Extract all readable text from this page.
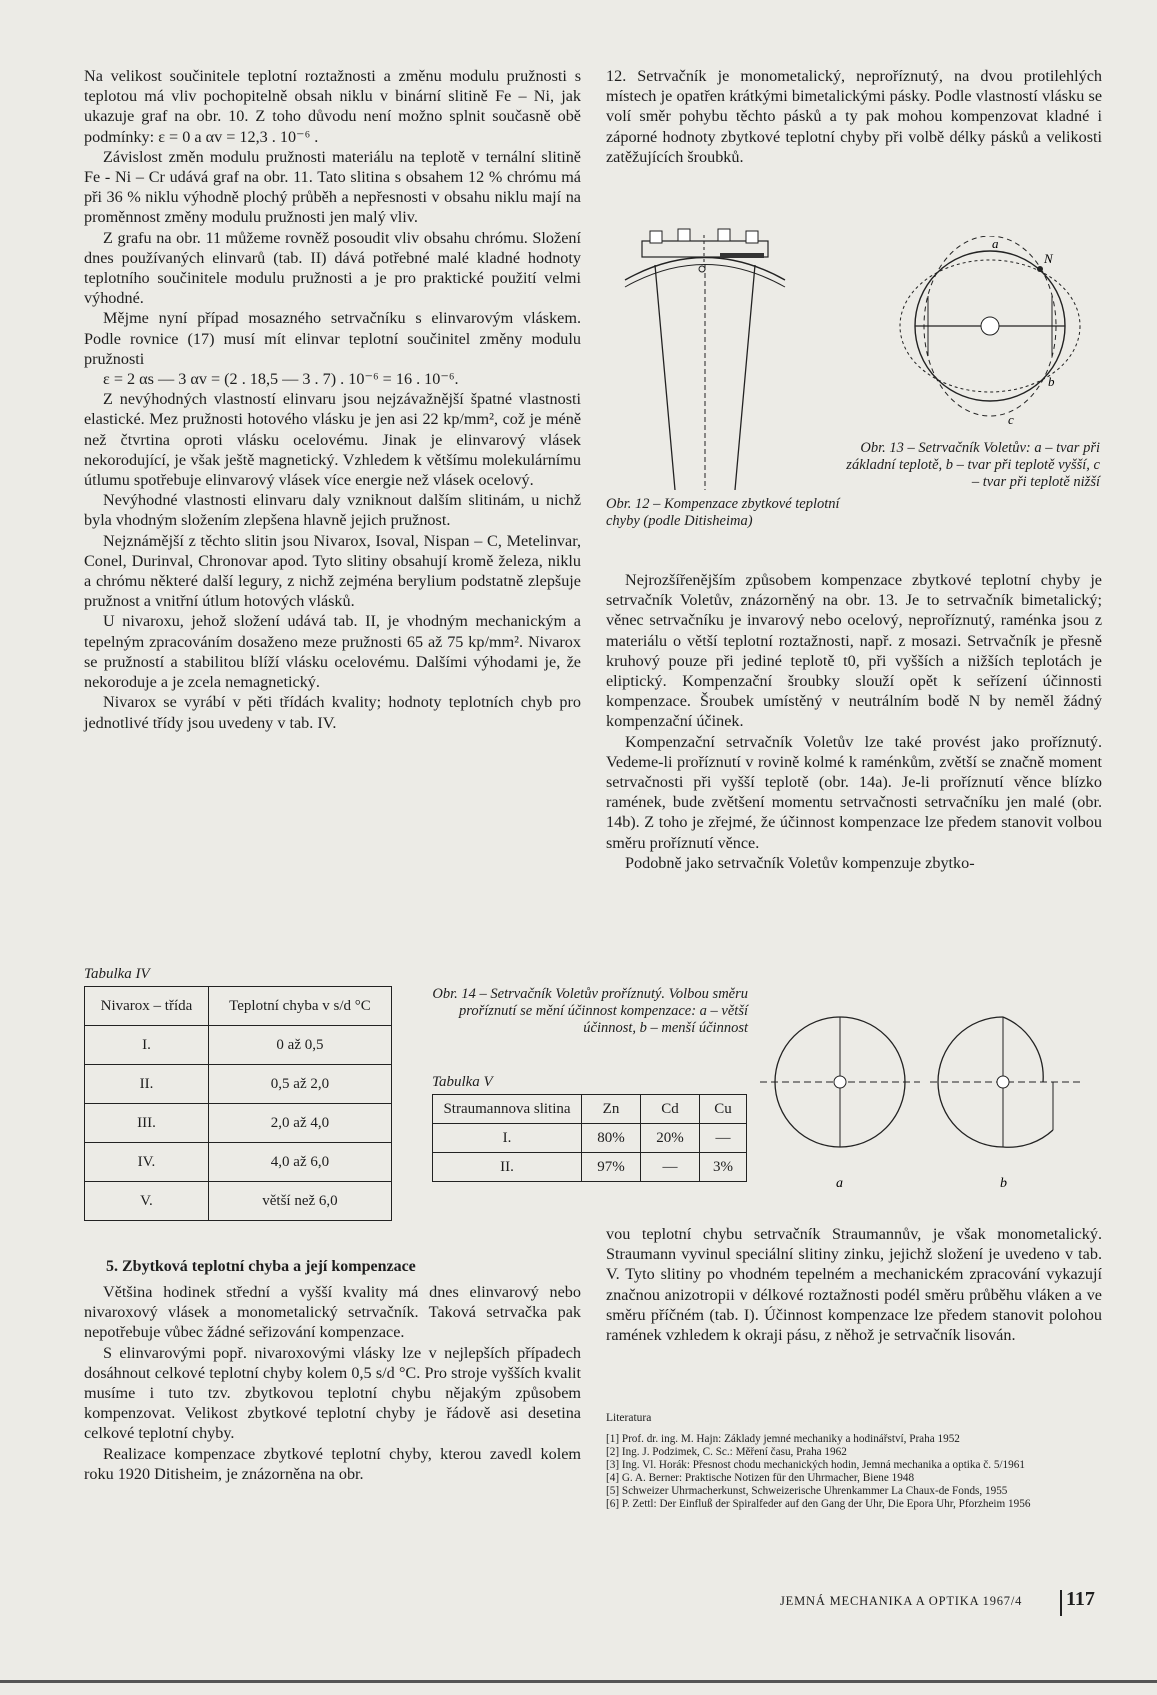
Na velikost součinitele teplotní roztažnosti a změnu modulu pružnosti s teplotou má vliv pochopitelně obsah niklu v binární slitině Fe – Ni, jak ukazuje graf na obr. 10. Z toho důvodu není možno splnit současně obě podmínky: ε = 0 a αv = 12,3 . 10⁻⁶ .

Závislost změn modulu pružnosti materiálu na teplotě v ternální slitině Fe - Ni – Cr udává graf na obr. 11. Tato slitina s obsahem 12 % chrómu má při 36 % niklu výhodně plochý průběh a nepřesnosti v obsahu niklu mají na proměnnost změny modulu pružnosti jen malý vliv.

Z grafu na obr. 11 můžeme rovněž posoudit vliv obsahu chrómu. Složení dnes používaných elinvarů (tab. II) dává potřebné malé kladné hodnoty teplotního součinitele modulu pružnosti a je pro praktické použití velmi výhodné.

Mějme nyní případ mosazného setrvačníku s elinvarovým vláskem. Podle rovnice (17) musí mít elinvar teplotní součinitel změny modulu pružnosti

ε = 2 αs — 3 αv = (2 . 18,5 — 3 . 7) . 10⁻⁶ = 16 . 10⁻⁶.

Z nevýhodných vlastností elinvaru jsou nejzávažnější špatné vlastnosti elastické. Mez pružnosti hotového vlásku je jen asi 22 kp/mm², což je méně než čtvrtina oproti vlásku ocelovému. Jinak je elinvarový vlásek nekorodující, je však ještě magnetický. Vzhledem k většímu molekulárnímu útlumu spotřebuje elinvarový vlásek více energie než vlásek ocelový.

Nevýhodné vlastnosti elinvaru daly vzniknout dalším slitinám, u nichž byla vhodným složením zlepšena hlavně jejich pružnost.

Nejznámější z těchto slitin jsou Nivarox, Isoval, Nispan – C, Metelinvar, Conel, Durinval, Chronovar apod. Tyto slitiny obsahují kromě železa, niklu a chrómu některé další legury, z nichž zejména berylium podstatně zlepšuje pružnost a vnitřní útlum hotových vlásků.

U nivaroxu, jehož složení udává tab. II, je vhodným mechanickým a tepelným zpracováním dosaženo meze pružnosti 65 až 75 kp/mm². Nivarox se pružností a stabilitou blíží vlásku ocelovému. Dalšími výhodami je, že nekoroduje a je zcela nemagnetický.

Nivarox se vyrábí v pěti třídách kvality; hodnoty teplotních chyb pro jednotlivé třídy jsou uvedeny v tab. IV.

Tabulka IV
Nivarox – třída	Teplotní chyba v s/d °C
I.	0 až 0,5
II.	0,5 až 2,0
III.	2,0 až 4,0
IV.	4,0 až 6,0
V.	větší než 6,0
5. Zbytková teplotní chyba a její kompenzace

Většina hodinek střední a vyšší kvality má dnes elinvarový nebo nivaroxový vlásek a monometalický setrvačník. Taková setrvačka pak nepotřebuje vůbec žádné seřizování kompenzace.

S elinvarovými popř. nivaroxovými vlásky lze v nejlepších případech dosáhnout celkové teplotní chyby kolem 0,5 s/d °C. Pro stroje vyšších kvalit musíme i tuto tzv. zbytkovou teplotní chybu nějakým způsobem kompenzovat. Velikost zbytkové teplotní chyby je řádově asi desetina celkové teplotní chyby.

Realizace kompenzace zbytkové teplotní chyby, kterou zavedl kolem roku 1920 Ditisheim, je znázorněna na obr.

12. Setrvačník je monometalický, neproříznutý, na dvou protilehlých místech je opatřen krátkými bimetalickými pásky. Podle vlastností vlásku se volí směr pohybu těchto pásků a ty pak mohou kompenzovat kladné i záporné hodnoty zbytkové teplotní chyby při volbě délky pásků a velikosti zatěžujících šroubků.

Obr. 12 – Kompenzace zbytkové teplotní chyby (podle Ditisheima)
a
N
b
c
Obr. 13 – Setrvačník Voletův: a – tvar při základní teplotě, b – tvar při teplotě vyšší, c – tvar při teplotě nižší

Nejrozšířenějším způsobem kompenzace zbytkové teplotní chyby je setrvačník Voletův, znázorněný na obr. 13. Je to setrvačník bimetalický; věnec setrvačníku je invarový nebo ocelový, neproříznutý, raménka jsou z materiálu o větší teplotní roztažnosti, např. z mosazi. Setrvačník je přesně kruhový pouze při jediné teplotě t0, při vyšších a nižších teplotách je eliptický. Kompenzační šroubky slouží opět k seřízení účinnosti kompenzace. Šroubek umístěný v neutrálním bodě N by neměl žádný kompenzační účinek.

Kompenzační setrvačník Voletův lze také provést jako proříznutý. Vedeme-li proříznutí v rovině kolmé k raménkům, zvětší se značně moment setrvačnosti při vyšší teplotě (obr. 14a). Je-li proříznutí věnce blízko ramének, bude zvětšení momentu setrvačnosti setrvačníku jen malé (obr. 14b). Z toho je zřejmé, že účinnost kompenzace lze předem stanovit volbou směru proříznutí věnce.

Podobně jako setrvačník Voletův kompenzuje zbytko-

Obr. 14 – Setrvačník Voletův proříznutý. Volbou směru proříznutí se mění účinnost kompenzace: a – větší účinnost, b – menší účinnost
a	b
Tabulka V
Straumannova slitina	Zn	Cd	Cu
I.	80%	20%	—
II.	97%	—	3%

vou teplotní chybu setrvačník Straumannův, je však monometalický. Straumann vyvinul speciální slitiny zinku, jejichž složení je uvedeno v tab. V. Tyto slitiny po vhodném tepelném a mechanickém zpracování vykazují značnou anizotropii v délkové roztažnosti podél směru průběhu vláken a ve směru příčném (tab. I). Účinnost kompenzace lze předem stanovit polohou ramének vzhledem k okraji pásu, z něhož je setrvačník lisován.

Literatura
[1] Prof. dr. ing. M. Hajn: Základy jemné mechaniky a hodinářství, Praha 1952
[2] Ing. J. Podzimek, C. Sc.: Měření času, Praha 1962
[3] Ing. Vl. Horák: Přesnost chodu mechanických hodin, Jemná mechanika a optika č. 5/1961
[4] G. A. Berner: Praktische Notizen für den Uhrmacher, Biene 1948
[5] Schweizer Uhrmacherkunst, Schweizerische Uhrenkammer La Chaux-de Fonds, 1955
[6] P. Zettl: Der Einfluß der Spiralfeder auf den Gang der Uhr, Die Epora Uhr, Pforzheim 1956
JEMNÁ MECHANIKA A OPTIKA 1967/4 117
